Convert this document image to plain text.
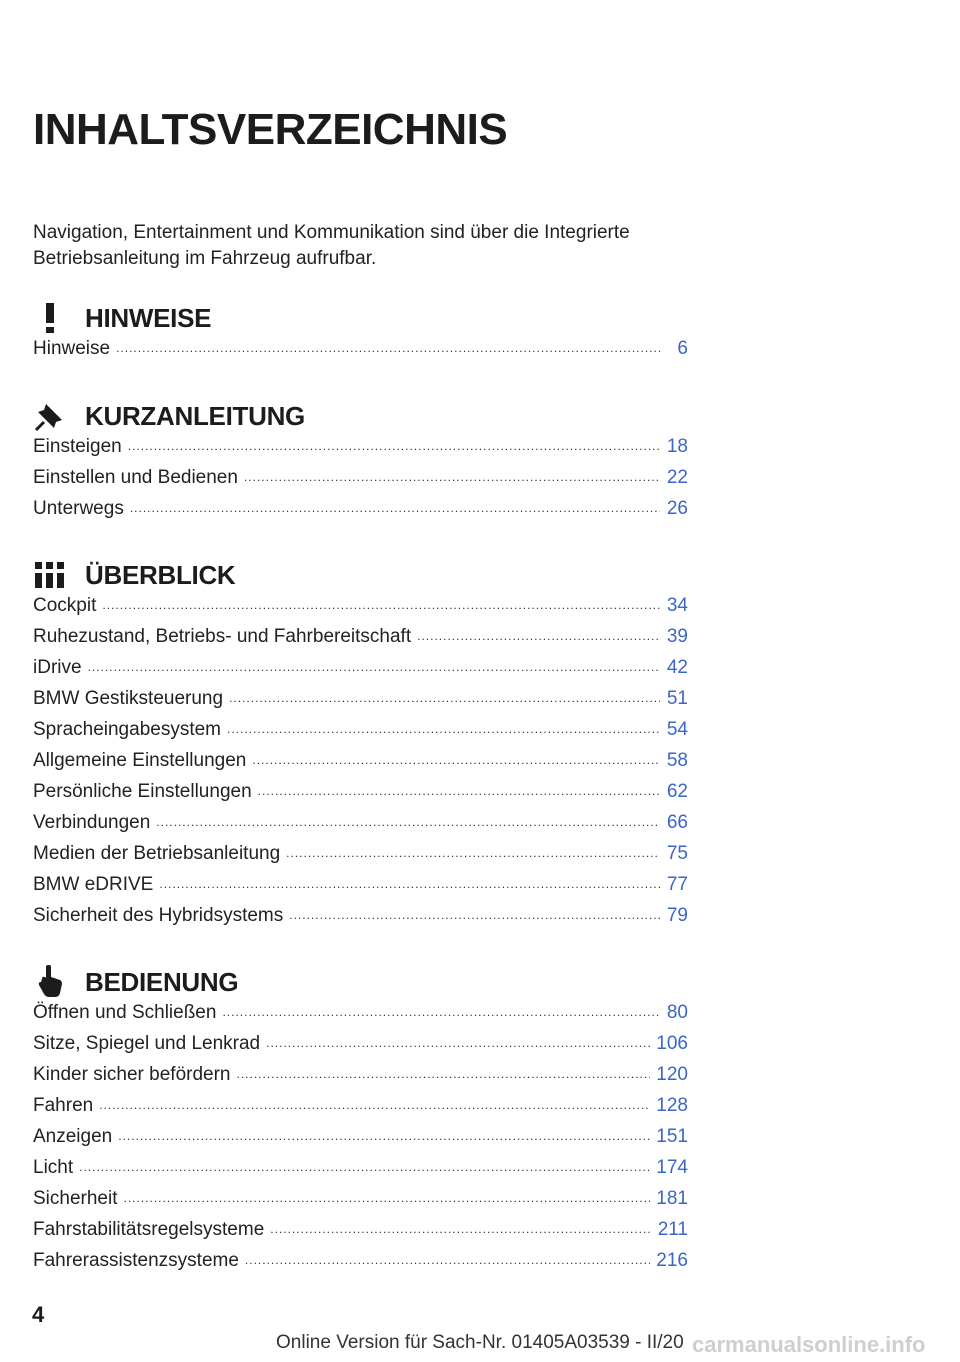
INHALTSVERZEICHNIS
Navigation, Entertainment und Kommunikation sind über die Integrierte Betriebsanleitung im Fahrzeug aufrufbar.
HINWEISE
Hinweise .....	6
KURZANLEITUNG
Einsteigen .....	18
Einstellen und Bedienen .....	22
Unterwegs .....	26
ÜBERBLICK
Cockpit .....	34
Ruhezustand, Betriebs- und Fahrbereitschaft .....	39
iDrive .....	42
BMW Gestiksteuerung .....	51
Spracheingabesystem .....	54
Allgemeine Einstellungen .....	58
Persönliche Einstellungen .....	62
Verbindungen .....	66
Medien der Betriebsanleitung .....	75
BMW eDRIVE .....	77
Sicherheit des Hybridsystems .....	79
BEDIENUNG
Öffnen und Schließen .....	80
Sitze, Spiegel und Lenkrad .....	106
Kinder sicher befördern .....	120
Fahren .....	128
Anzeigen .....	151
Licht .....	174
Sicherheit .....	181
Fahrstabilitätsregelsysteme .....	211
Fahrerassistenzsysteme .....	216
4
Online Version für Sach-Nr. 01405A03539 - II/20 carmanualsonline.info
